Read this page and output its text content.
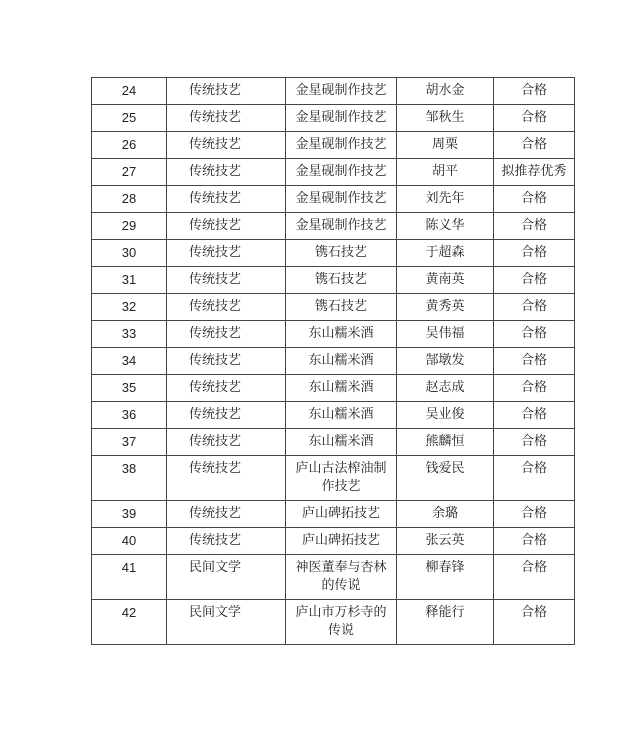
24	传统技艺	金星砚制作技艺	胡水金	合格
25	传统技艺	金星砚制作技艺	邹秋生	合格
26	传统技艺	金星砚制作技艺	周栗	合格
27	传统技艺	金星砚制作技艺	胡平	拟推荐优秀
28	传统技艺	金星砚制作技艺	刘先年	合格
29	传统技艺	金星砚制作技艺	陈义华	合格
30	传统技艺	镌石技艺	于超森	合格
31	传统技艺	镌石技艺	黄南英	合格
32	传统技艺	镌石技艺	黄秀英	合格
33	传统技艺	东山糯米酒	吴伟福	合格
34	传统技艺	东山糯米酒	郜墩发	合格
35	传统技艺	东山糯米酒	赵志成	合格
36	传统技艺	东山糯米酒	吴业俊	合格
37	传统技艺	东山糯米酒	熊麟恒	合格
38	传统技艺	庐山古法榨油制作技艺	钱爱民	合格
39	传统技艺	庐山碑拓技艺	余璐	合格
40	传统技艺	庐山碑拓技艺	张云英	合格
41	民间文学	神医董奉与杏林的传说	柳春锋	合格
42	民间文学	庐山市万杉寺的传说	释能行	合格
